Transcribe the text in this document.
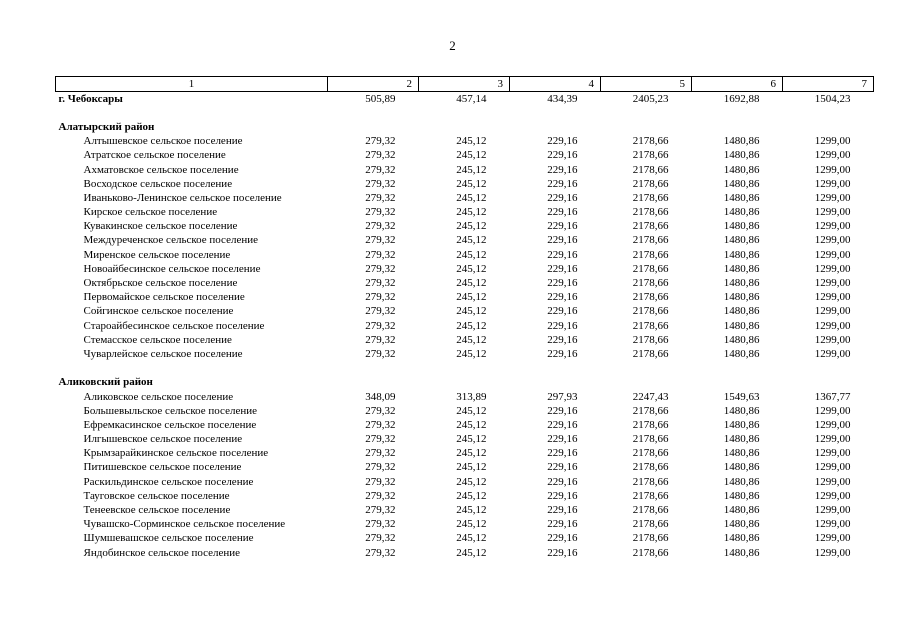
2
1	2	3	4	5	6	7
г. Чебоксары	505,89	457,14	434,39	2405,23	1692,88	1504,23

Алатырский район						
Алтышевское сельское поселение	279,32	245,12	229,16	2178,66	1480,86	1299,00
Атратское сельское поселение	279,32	245,12	229,16	2178,66	1480,86	1299,00
Ахматовское сельское поселение	279,32	245,12	229,16	2178,66	1480,86	1299,00
Восходское сельское поселение	279,32	245,12	229,16	2178,66	1480,86	1299,00
Иваньково-Ленинское сельское поселение	279,32	245,12	229,16	2178,66	1480,86	1299,00
Кирское сельское поселение	279,32	245,12	229,16	2178,66	1480,86	1299,00
Кувакинское сельское поселение	279,32	245,12	229,16	2178,66	1480,86	1299,00
Междуреченское сельское поселение	279,32	245,12	229,16	2178,66	1480,86	1299,00
Миренское сельское поселение	279,32	245,12	229,16	2178,66	1480,86	1299,00
Новоайбесинское сельское поселение	279,32	245,12	229,16	2178,66	1480,86	1299,00
Октябрьское сельское поселение	279,32	245,12	229,16	2178,66	1480,86	1299,00
Первомайское сельское поселение	279,32	245,12	229,16	2178,66	1480,86	1299,00
Сойгинское сельское поселение	279,32	245,12	229,16	2178,66	1480,86	1299,00
Староайбесинское сельское поселение	279,32	245,12	229,16	2178,66	1480,86	1299,00
Стемасское сельское поселение	279,32	245,12	229,16	2178,66	1480,86	1299,00
Чуварлейское сельское поселение	279,32	245,12	229,16	2178,66	1480,86	1299,00

Аликовский район						
Аликовское сельское поселение	348,09	313,89	297,93	2247,43	1549,63	1367,77
Большевыльское сельское поселение	279,32	245,12	229,16	2178,66	1480,86	1299,00
Ефремкасинское сельское поселение	279,32	245,12	229,16	2178,66	1480,86	1299,00
Илгышевское сельское поселение	279,32	245,12	229,16	2178,66	1480,86	1299,00
Крымзарайкинское сельское поселение	279,32	245,12	229,16	2178,66	1480,86	1299,00
Питишевское сельское поселение	279,32	245,12	229,16	2178,66	1480,86	1299,00
Раскильдинское сельское поселение	279,32	245,12	229,16	2178,66	1480,86	1299,00
Тауговское сельское поселение	279,32	245,12	229,16	2178,66	1480,86	1299,00
Тенеевское сельское поселение	279,32	245,12	229,16	2178,66	1480,86	1299,00
Чувашско-Сорминское сельское поселение	279,32	245,12	229,16	2178,66	1480,86	1299,00
Шумшевашское сельское поселение	279,32	245,12	229,16	2178,66	1480,86	1299,00
Яндобинское сельское поселение	279,32	245,12	229,16	2178,66	1480,86	1299,00
